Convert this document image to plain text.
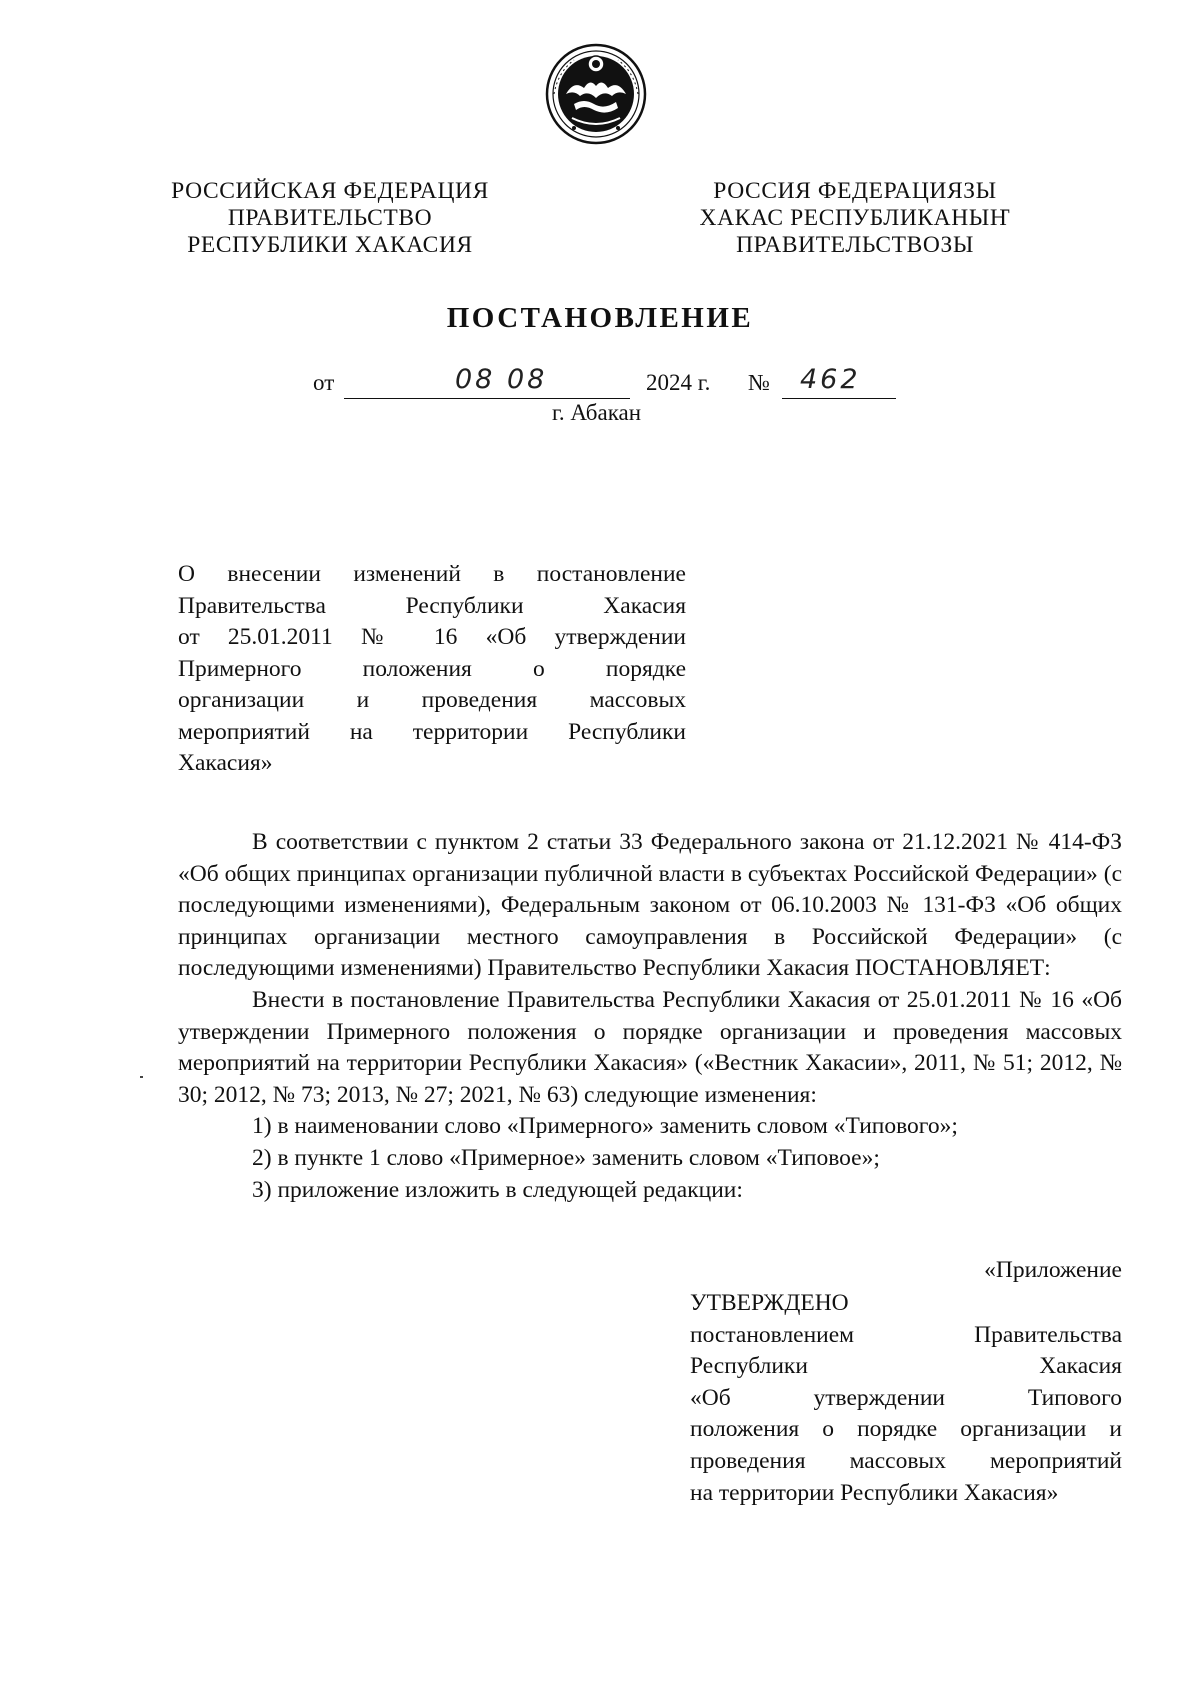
РОССИЙСКАЯ ФЕДЕРАЦИЯ
ПРАВИТЕЛЬСТВО
РЕСПУБЛИКИ ХАКАСИЯ
РОССИЯ ФЕДЕРАЦИЯЗЫ
ХАКАС РЕСПУБЛИКАНЫҤ
ПРАВИТЕЛЬСТВОЗЫ
ПОСТАНОВЛЕНИЕ
от	08 08	2024 г. № 462
г. Абакан
О внесении изменений в постановление
Правительства Республики Хакасия
от 25.01.2011 № 16 «Об утверждении
Примерного положения о порядке
организации и проведения массовых
мероприятий на территории Республики
Хакасия»

В соответствии с пунктом 2 статьи 33 Федерального закона от 21.12.2021 № 414-ФЗ «Об общих принципах организации публичной власти в субъектах Российской Федерации» (с последующими изменениями), Федеральным законом от 06.10.2003 № 131-ФЗ «Об общих принципах организации местного самоуправления в Российской Федерации» (с последующими изменениями) Правительство Республики Хакасия ПОСТАНОВЛЯЕТ:

Внести в постановление Правительства Республики Хакасия от 25.01.2011 № 16 «Об утверждении Примерного положения о порядке организации и проведения массовых мероприятий на территории Республики Хакасия» («Вестник Хакасии», 2011, № 51; 2012, № 30; 2012, № 73; 2013, № 27; 2021, № 63) следующие изменения:

1) в наименовании слово «Примерного» заменить словом «Типового»;

2) в пункте 1 слово «Примерное» заменить словом «Типовое»;

3) приложение изложить в следующей редакции:

«Приложение
УТВЕРЖДЕНО
постановлением Правительства
Республики Хакасия
«Об утверждении Типового
положения о порядке организации и
проведения массовых мероприятий
на территории Республики Хакасия»
